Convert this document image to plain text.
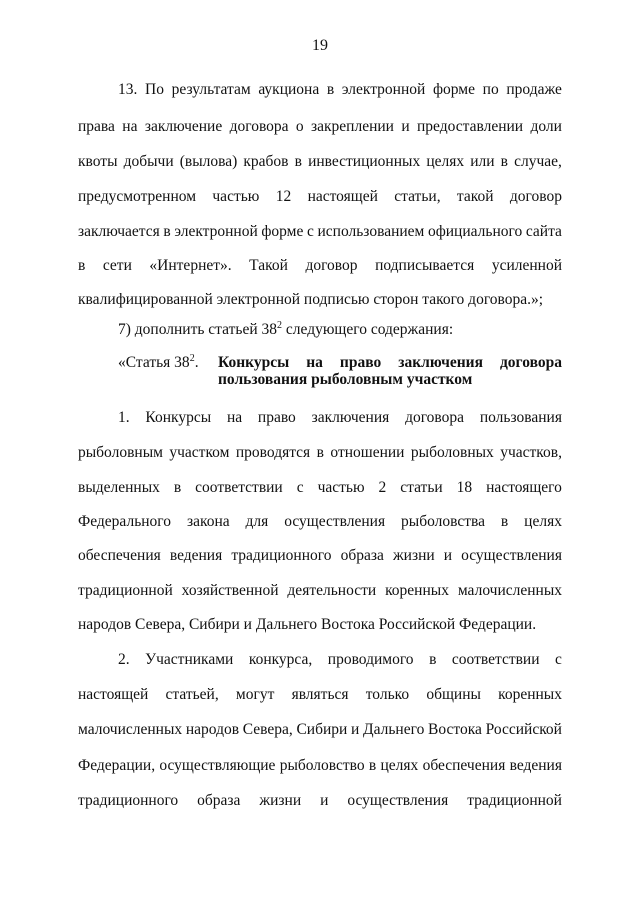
19
13. По результатам аукциона в электронной форме по продаже
права на заключение договора о закреплении и предоставлении доли
квоты добычи (вылова) крабов в инвестиционных целях или в случае,
предусмотренном частью 12 настоящей статьи, такой договор
заключается в электронной форме с использованием официального сайта
в сети «Интернет». Такой договор подписывается усиленной
квалифицированной электронной подписью сторон такого договора.»;
7) дополнить статьей $38^2$ следующего содержания:
«Статья $38^2$. Конкурсы на право заключения договора
пользования рыболовным участком
1. Конкурсы на право заключения договора пользования
рыболовным участком проводятся в отношении рыболовных участков,
выделенных в соответствии с частью 2 статьи 18 настоящего
Федерального закона для осуществления рыболовства в целях
обеспечения ведения традиционного образа жизни и осуществления
традиционной хозяйственной деятельности коренных малочисленных
народов Севера, Сибири и Дальнего Востока Российской Федерации.
2. Участниками конкурса, проводимого в соответствии с
настоящей статьей, могут являться только общины коренных
малочисленных народов Севера, Сибири и Дальнего Востока Российской
Федерации, осуществляющие рыболовство в целях обеспечения ведения
традиционного образа жизни и осуществления традиционной
